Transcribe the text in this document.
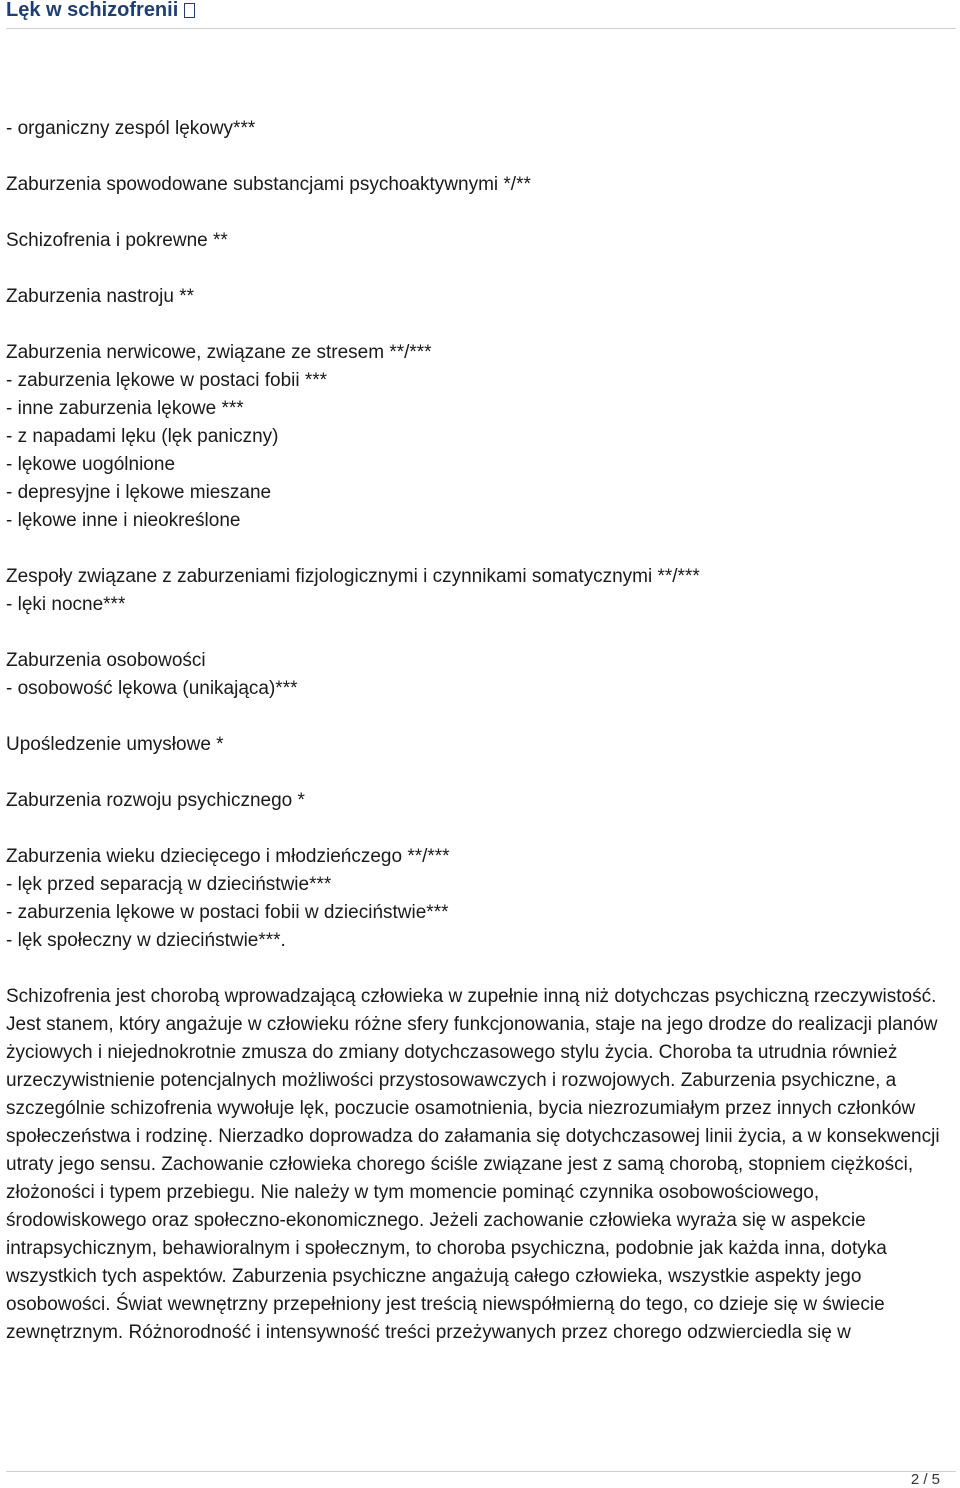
Lęk w schizofrenii
- organiczny zespól lękowy***
Zaburzenia spowodowane substancjami psychoaktywnymi */**
Schizofrenia i pokrewne **
Zaburzenia nastroju **
Zaburzenia nerwicowe, związane ze stresem **/***
- zaburzenia lękowe w postaci fobii ***
- inne zaburzenia lękowe ***
- z napadami lęku (lęk paniczny)
- lękowe uogólnione
- depresyjne i lękowe mieszane
- lękowe inne i nieokreślone
Zespoły związane z zaburzeniami fizjologicznymi i czynnikami somatycznymi **/***
- lęki nocne***
Zaburzenia osobowości
- osobowość lękowa (unikająca)***
Upośledzenie umysłowe *
Zaburzenia rozwoju psychicznego *
Zaburzenia wieku dziecięcego i młodzieńczego **/***
- lęk przed separacją w dzieciństwie***
- zaburzenia lękowe w postaci fobii w dzieciństwie***
- lęk społeczny w dzieciństwie***.

Schizofrenia jest chorobą wprowadzającą człowieka w zupełnie inną niż dotychczas psychiczną rzeczywistość. Jest stanem, który angażuje w człowieku różne sfery funkcjonowania, staje na jego drodze do realizacji planów życiowych i niejednokrotnie zmusza do zmiany dotychczasowego stylu życia. Choroba ta utrudnia również urzeczywistnienie potencjalnych możliwości przystosowawczych i rozwojowych. Zaburzenia psychiczne, a szczególnie schizofrenia wywołuje lęk, poczucie osamotnienia, bycia niezrozumiałym przez innych członków społeczeństwa i rodzinę. Nierzadko doprowadza do załamania się dotychczasowej linii życia, a w konsekwencji utraty jego sensu. Zachowanie człowieka chorego ściśle związane jest z samą chorobą, stopniem ciężkości, złożoności i typem przebiegu. Nie należy w tym momencie pominąć czynnika osobowościowego, środowiskowego oraz społeczno-ekonomicznego. Jeżeli zachowanie człowieka wyraża się w aspekcie intrapsychicznym, behawioralnym i społecznym, to choroba psychiczna, podobnie jak każda inna, dotyka wszystkich tych aspektów. Zaburzenia psychiczne angażują całego człowieka, wszystkie aspekty jego osobowości. Świat wewnętrzny przepełniony jest treścią niewspółmierną do tego, co dzieje się w świecie zewnętrznym. Różnorodność i intensywność treści przeżywanych przez chorego odzwierciedla się w

2 / 5
